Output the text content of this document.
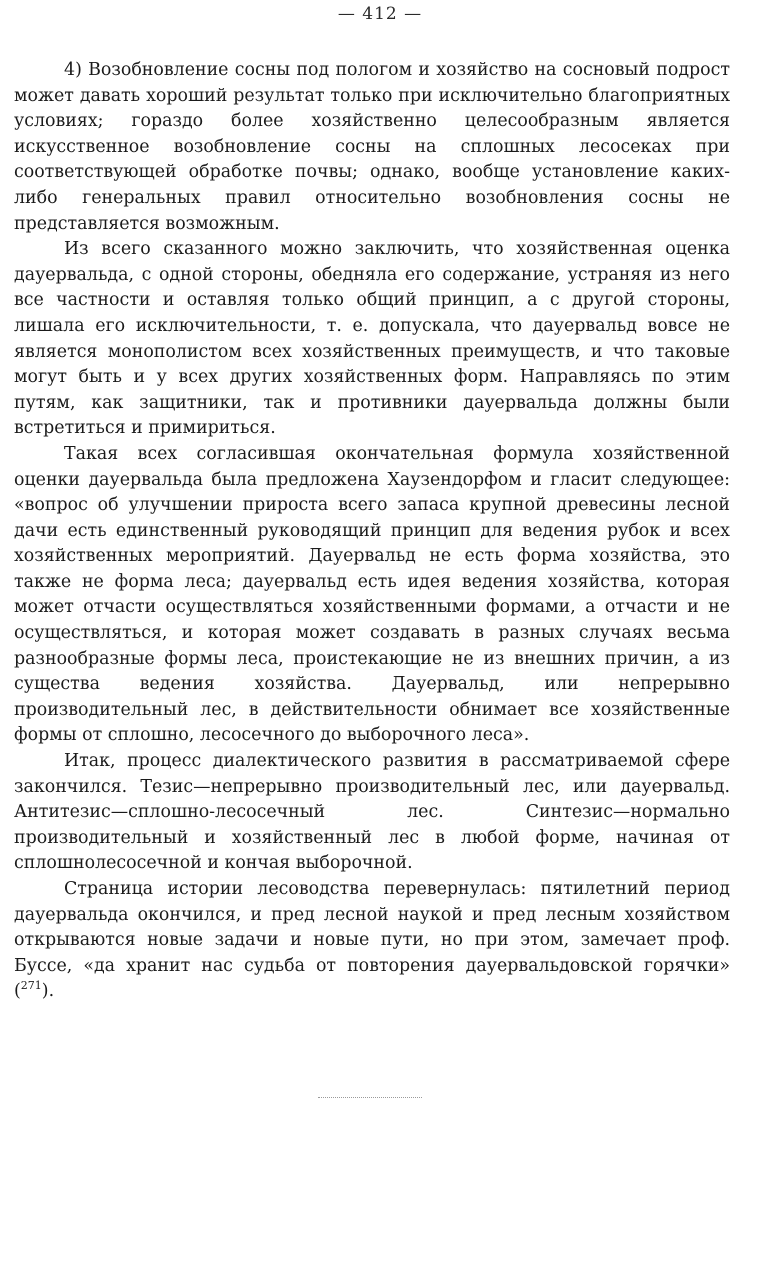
— 412 —

4) Возобновление сосны под пологом и хозяйство на сосновый подрост может давать хороший результат только при исключительно благоприятных условиях; гораздо более хозяйственно целесообразным является искусственное возобновление сосны на сплошных лесосеках при соответствующей обработке почвы; однако, вообще установление каких-либо генеральных правил относительно возобновления сосны не представляется возможным.

Из всего сказанного можно заключить, что хозяйственная оценка дауервальда, с одной стороны, обедняла его содержание, устраняя из него все частности и оставляя только общий принцип, а с другой стороны, лишала его исключительности, т. е. допускала, что дауервальд вовсе не является монополистом всех хозяйственных преимуществ, и что таковые могут быть и у всех других хозяйственных форм. Направляясь по этим путям, как защитники, так и противники дауервальда должны были встретиться и примириться.

Такая всех согласившая окончательная формула хозяйственной оценки дауервальда была предложена Хаузендорфом и гласит следующее: «вопрос об улучшении прироста всего запаса крупной древесины лесной дачи есть единственный руководящий принцип для ведения рубок и всех хозяйственных мероприятий. Дауервальд не есть форма хозяйства, это также не форма леса; дауервальд есть идея ведения хозяйства, которая может отчасти осуществляться хозяйственными формами, а отчасти и не осуществляться, и которая может создавать в разных случаях весьма разнообразные формы леса, проистекающие не из внешних причин, а из существа ведения хозяйства. Дауервальд, или непрерывно производительный лес, в действительности обнимает все хозяйственные формы от сплошно, лесосечного до выборочного леса».

Итак, процесс диалектического развития в рассматриваемой сфере закончился. Тезис—непрерывно производительный лес, или дауервальд. Антитезис—сплошно-лесосечный лес. Синтезис—нормально производительный и хозяйственный лес в любой форме, начиная от сплошнолесосечной и кончая выборочной.

Страница истории лесоводства перевернулась: пятилетний период дауервальда окончился, и пред лесной наукой и пред лесным хозяйством открываются новые задачи и новые пути, но при этом, замечает проф. Буссе, «да хранит нас судьба от повторения дауервальдовской горячки» ($^{271}$).
